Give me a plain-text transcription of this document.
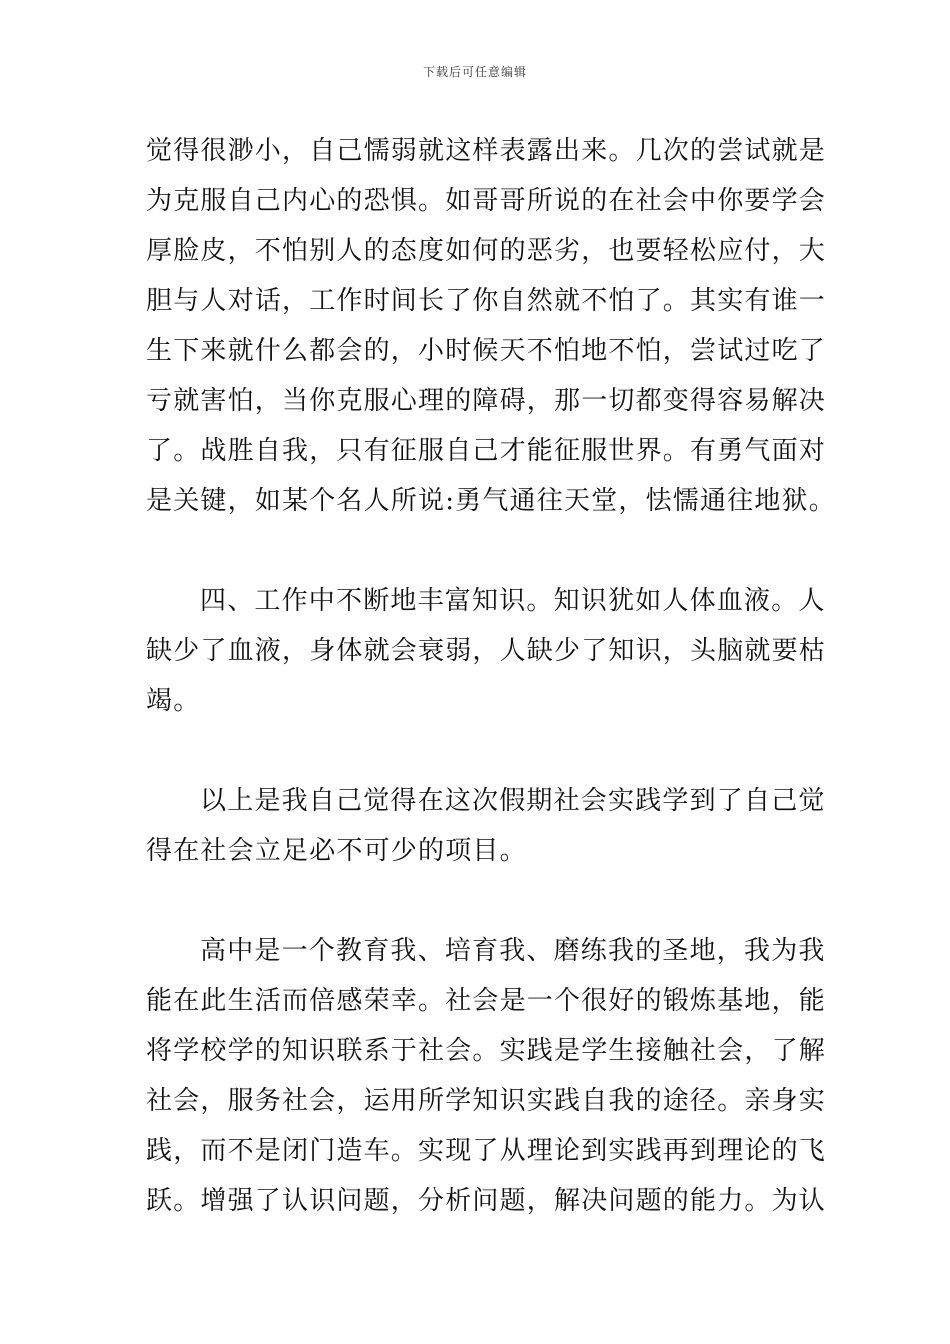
下载后可任意编辑
觉得很渺小，自己懦弱就这样表露出来。几次的尝试就是
为克服自己内心的恐惧。如哥哥所说的在社会中你要学会
厚脸皮，不怕别人的态度如何的恶劣，也要轻松应付，大
胆与人对话，工作时间长了你自然就不怕了。其实有谁一
生下来就什么都会的，小时候天不怕地不怕，尝试过吃了
亏就害怕，当你克服心理的障碍，那一切都变得容易解决
了。战胜自我，只有征服自己才能征服世界。有勇气面对
是关键，如某个名人所说:勇气通往天堂，怯懦通往地狱。
四、工作中不断地丰富知识。知识犹如人体血液。人
缺少了血液，身体就会衰弱，人缺少了知识，头脑就要枯
竭。
以上是我自己觉得在这次假期社会实践学到了自己觉
得在社会立足必不可少的项目。
高中是一个教育我、培育我、磨练我的圣地，我为我
能在此生活而倍感荣幸。社会是一个很好的锻炼基地，能
将学校学的知识联系于社会。实践是学生接触社会，了解
社会，服务社会，运用所学知识实践自我的途径。亲身实
践，而不是闭门造车。实现了从理论到实践再到理论的飞
跃。增强了认识问题，分析问题，解决问题的能力。为认
